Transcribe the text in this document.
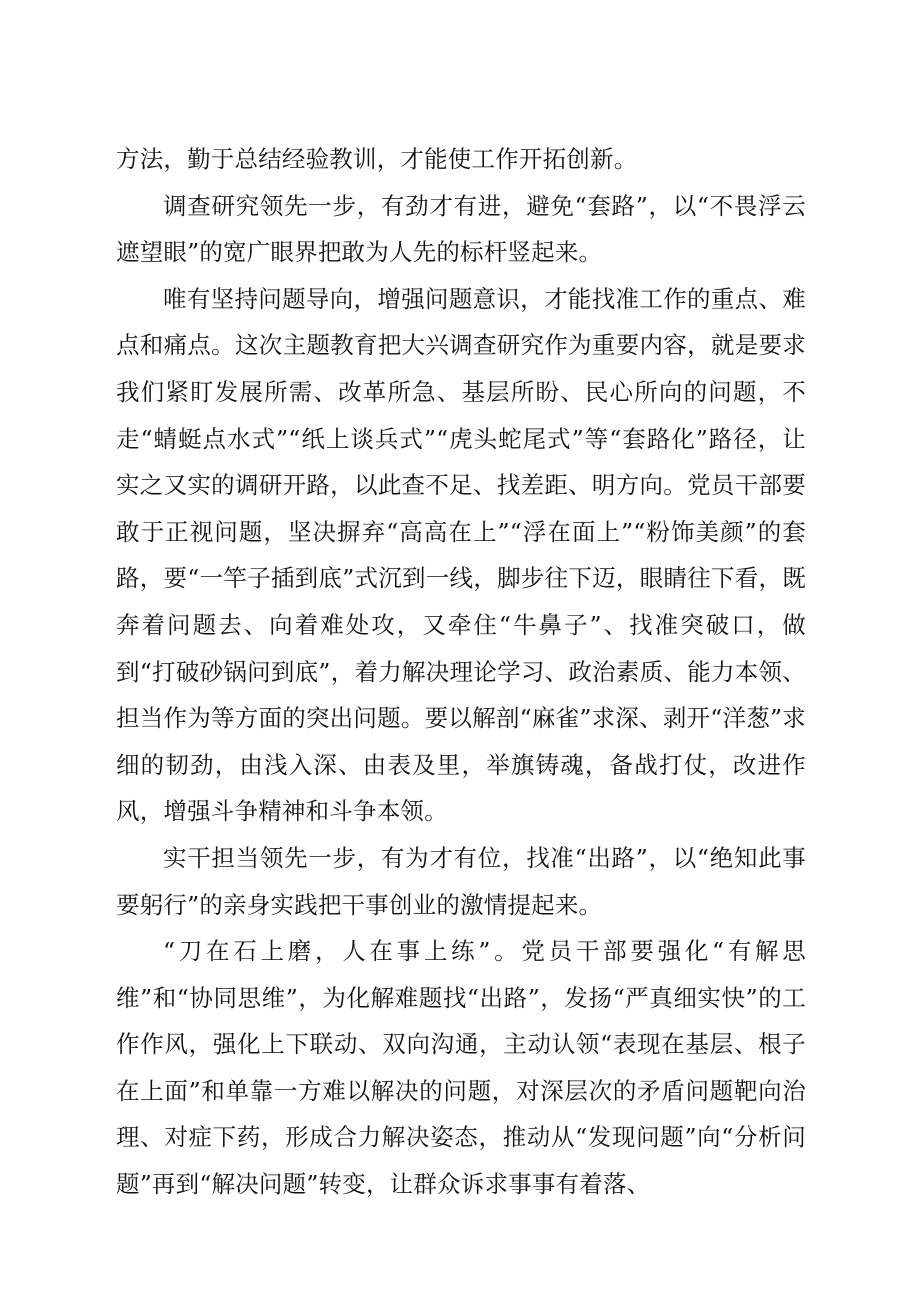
方法，勤于总结经验教训，才能使工作开拓创新。

调查研究领先一步，有劲才有进，避免“套路”，以“不畏浮云遮望眼”的宽广眼界把敢为人先的标杆竖起来。

唯有坚持问题导向，增强问题意识，才能找准工作的重点、难点和痛点。这次主题教育把大兴调查研究作为重要内容，就是要求我们紧盯发展所需、改革所急、基层所盼、民心所向的问题，不走“蜻蜓点水式”“纸上谈兵式”“虎头蛇尾式”等“套路化”路径，让实之又实的调研开路，以此查不足、找差距、明方向。党员干部要敢于正视问题，坚决摒弃“高高在上”“浮在面上”“粉饰美颜”的套路，要“一竿子插到底”式沉到一线，脚步往下迈，眼睛往下看，既奔着问题去、向着难处攻，又牵住“牛鼻子”、找准突破口，做到“打破砂锅问到底”，着力解决理论学习、政治素质、能力本领、担当作为等方面的突出问题。要以解剖“麻雀”求深、剥开“洋葱”求细的韧劲，由浅入深、由表及里，举旗铸魂，备战打仗，改进作风，增强斗争精神和斗争本领。

实干担当领先一步，有为才有位，找准“出路”，以“绝知此事要躬行”的亲身实践把干事创业的激情提起来。

“刀在石上磨，人在事上练”。党员干部要强化“有解思维”和“协同思维”，为化解难题找“出路”，发扬“严真细实快”的工作作风，强化上下联动、双向沟通，主动认领“表现在基层、根子在上面”和单靠一方难以解决的问题，对深层次的矛盾问题靶向治理、对症下药，形成合力解决姿态，推动从“发现问题”向“分析问题”再到“解决问题”转变，让群众诉求事事有着落、
